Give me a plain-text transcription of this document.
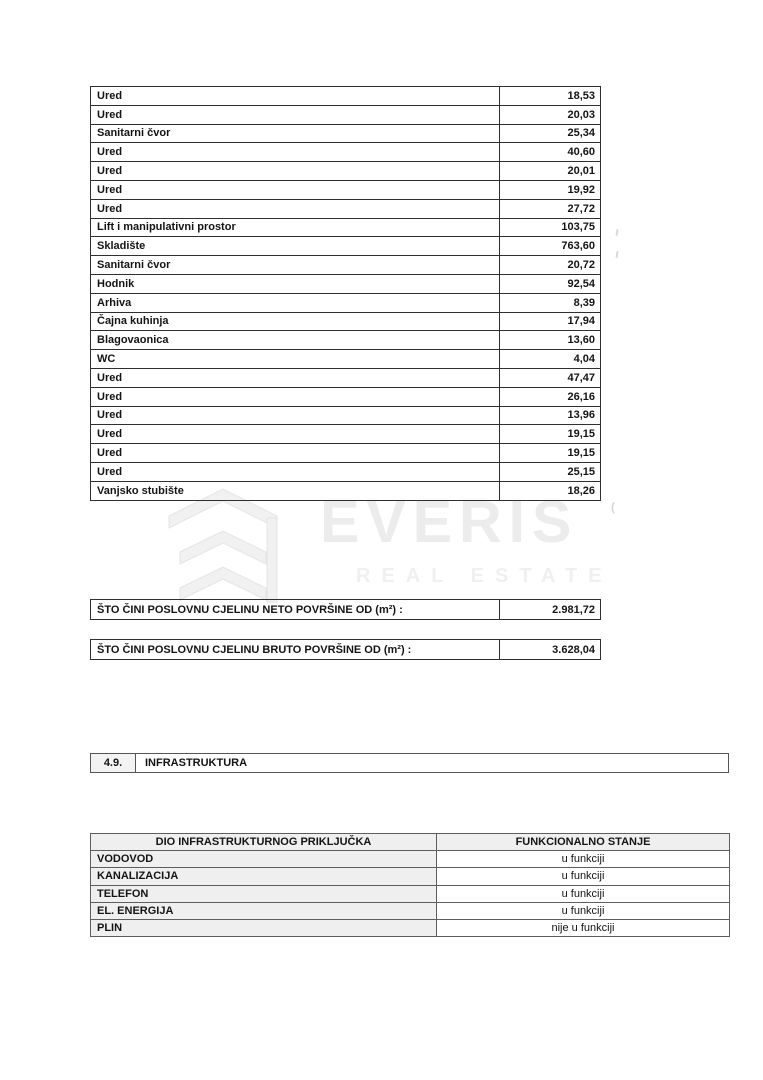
EVERIS
REAL ESTATE
Ured	18,53
Ured	20,03
Sanitarni čvor	25,34
Ured	40,60
Ured	20,01
Ured	19,92
Ured	27,72
Lift i manipulativni prostor	103,75
Skladište	763,60
Sanitarni čvor	20,72
Hodnik	92,54
Arhiva	8,39
Čajna kuhinja	17,94
Blagovaonica	13,60
WC	4,04
Ured	47,47
Ured	26,16
Ured	13,96
Ured	19,15
Ured	19,15
Ured	25,15
Vanjsko stubište	18,26
ŠTO ČINI POSLOVNU CJELINU NETO POVRŠINE OD (m²) :	2.981,72
ŠTO ČINI POSLOVNU CJELINU BRUTO POVRŠINE OD (m²) :	3.628,04
4.9.	INFRASTRUKTURA
DIO INFRASTRUKTURNOG PRIKLJUČKA	FUNKCIONALNO STANJE
VODOVOD	u funkciji
KANALIZACIJA	u funkciji
TELEFON	u funkciji
EL. ENERGIJA	u funkciji
PLIN	nije u funkciji
(
